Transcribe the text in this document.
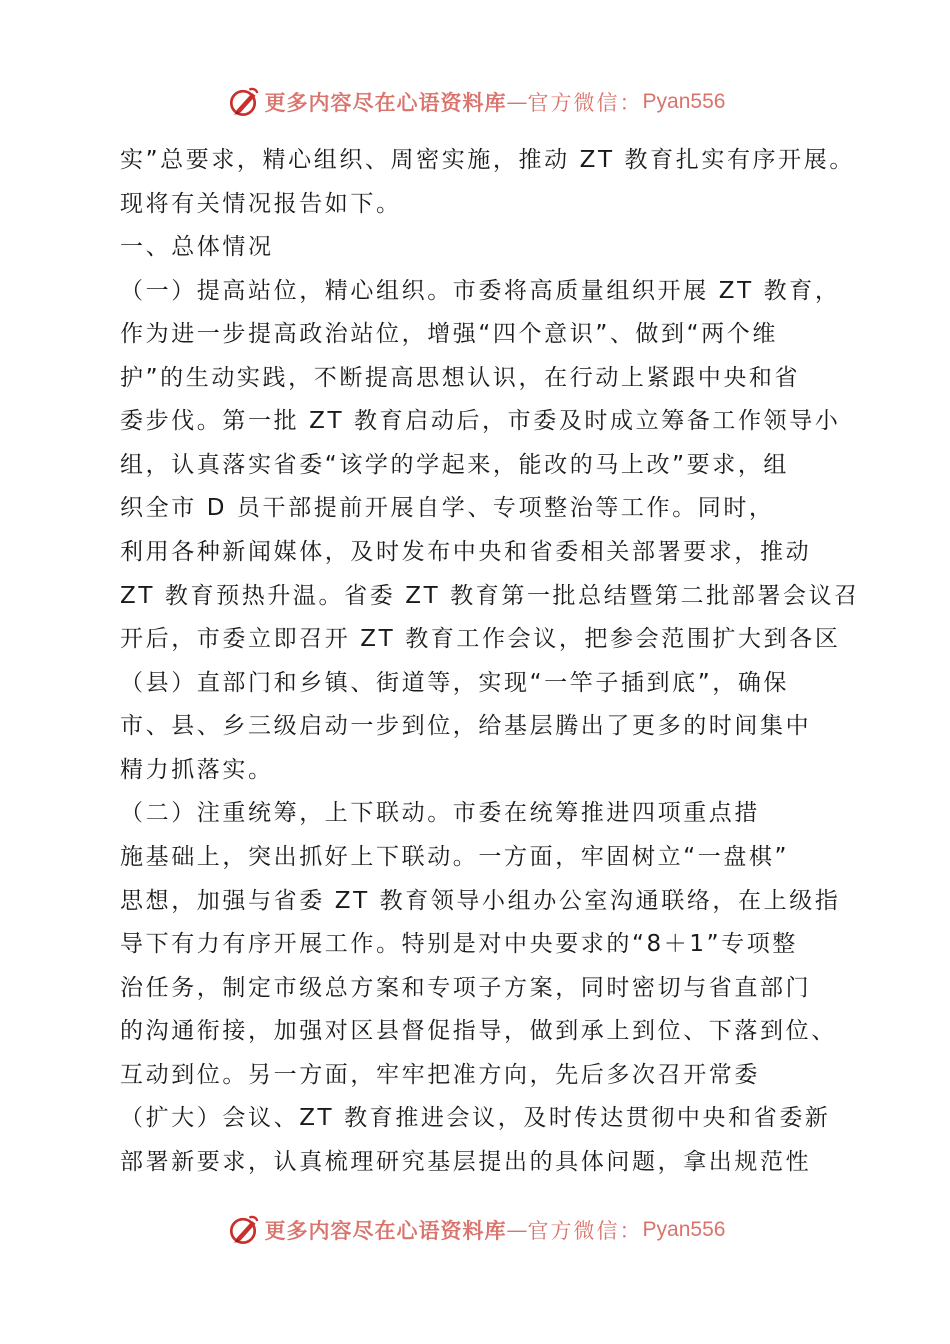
更多内容尽在心语资料库 — 官方微信： Pyan556
实”总要求，精心组织、周密实施，推动 ZT 教育扎实有序开展。
现将有关情况报告如下。
一、总体情况
（一）提高站位，精心组织。市委将高质量组织开展 ZT 教育，
作为进一步提高政治站位，增强“四个意识”、做到“两个维
护”的生动实践，不断提高思想认识，在行动上紧跟中央和省
委步伐。第一批 ZT 教育启动后，市委及时成立筹备工作领导小
组，认真落实省委“该学的学起来，能改的马上改”要求，组
织全市 D 员干部提前开展自学、专项整治等工作。同时，
利用各种新闻媒体，及时发布中央和省委相关部署要求，推动
ZT 教育预热升温。省委 ZT 教育第一批总结暨第二批部署会议召
开后，市委立即召开 ZT 教育工作会议，把参会范围扩大到各区
（县）直部门和乡镇、街道等，实现“一竿子插到底”，确保
市、县、乡三级启动一步到位，给基层腾出了更多的时间集中
精力抓落实。
（二）注重统筹，上下联动。市委在统筹推进四项重点措
施基础上，突出抓好上下联动。一方面，牢固树立“一盘棋”
思想，加强与省委 ZT 教育领导小组办公室沟通联络，在上级指
导下有力有序开展工作。特别是对中央要求的“8＋1”专项整
治任务，制定市级总方案和专项子方案，同时密切与省直部门
的沟通衔接，加强对区县督促指导，做到承上到位、下落到位、
互动到位。另一方面，牢牢把准方向，先后多次召开常委
（扩大）会议、ZT 教育推进会议，及时传达贯彻中央和省委新
部署新要求，认真梳理研究基层提出的具体问题，拿出规范性
更多内容尽在心语资料库 — 官方微信： Pyan556
